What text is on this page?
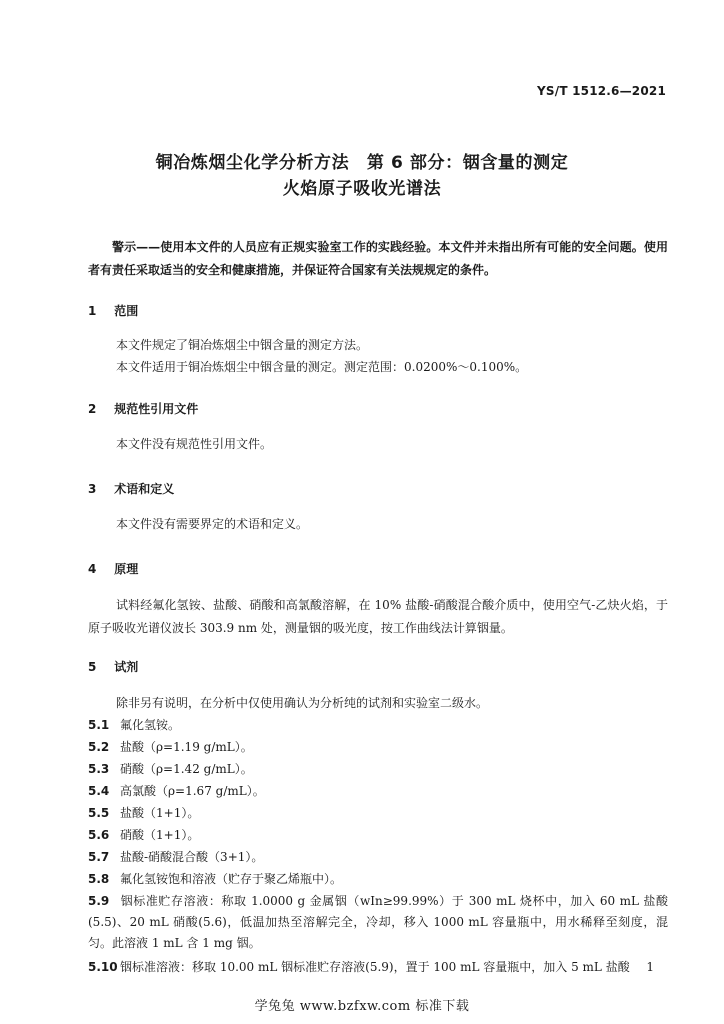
YS/T 1512.6—2021
铜冶炼烟尘化学分析方法　第 6 部分：铟含量的测定
火焰原子吸收光谱法
警示——使用本文件的人员应有正规实验室工作的实践经验。本文件并未指出所有可能的安全问题。使用者有责任采取适当的安全和健康措施，并保证符合国家有关法规规定的条件。
1 范围
本文件规定了铜冶炼烟尘中铟含量的测定方法。
本文件适用于铜冶炼烟尘中铟含量的测定。测定范围：0.0200%～0.100%。
2 规范性引用文件
本文件没有规范性引用文件。
3 术语和定义
本文件没有需要界定的术语和定义。
4 原理
试料经氟化氢铵、盐酸、硝酸和高氯酸溶解，在 10% 盐酸-硝酸混合酸介质中，使用空气-乙炔火焰，于原子吸收光谱仪波长 303.9 nm 处，测量铟的吸光度，按工作曲线法计算铟量。
5 试剂
除非另有说明，在分析中仅使用确认为分析纯的试剂和实验室二级水。
5.1 氟化氢铵。
5.2 盐酸（ρ=1.19 g/mL）。
5.3 硝酸（ρ=1.42 g/mL）。
5.4 高氯酸（ρ=1.67 g/mL）。
5.5 盐酸（1+1）。
5.6 硝酸（1+1）。
5.7 盐酸-硝酸混合酸（3+1）。
5.8 氟化氢铵饱和溶液（贮存于聚乙烯瓶中）。
5.9 铟标准贮存溶液：称取 1.0000 g 金属铟（wIn≥99.99%）于 300 mL 烧杯中，加入 60 mL 盐酸(5.5)、20 mL 硝酸(5.6)，低温加热至溶解完全，冷却，移入 1000 mL 容量瓶中，用水稀释至刻度，混匀。此溶液 1 mL 含 1 mg 铟。
5.10 铟标准溶液：移取 10.00 mL 铟标准贮存溶液(5.9)，置于 100 mL 容量瓶中，加入 5 mL 盐酸	1
学兔兔 www.bzfxw.com 标准下载
